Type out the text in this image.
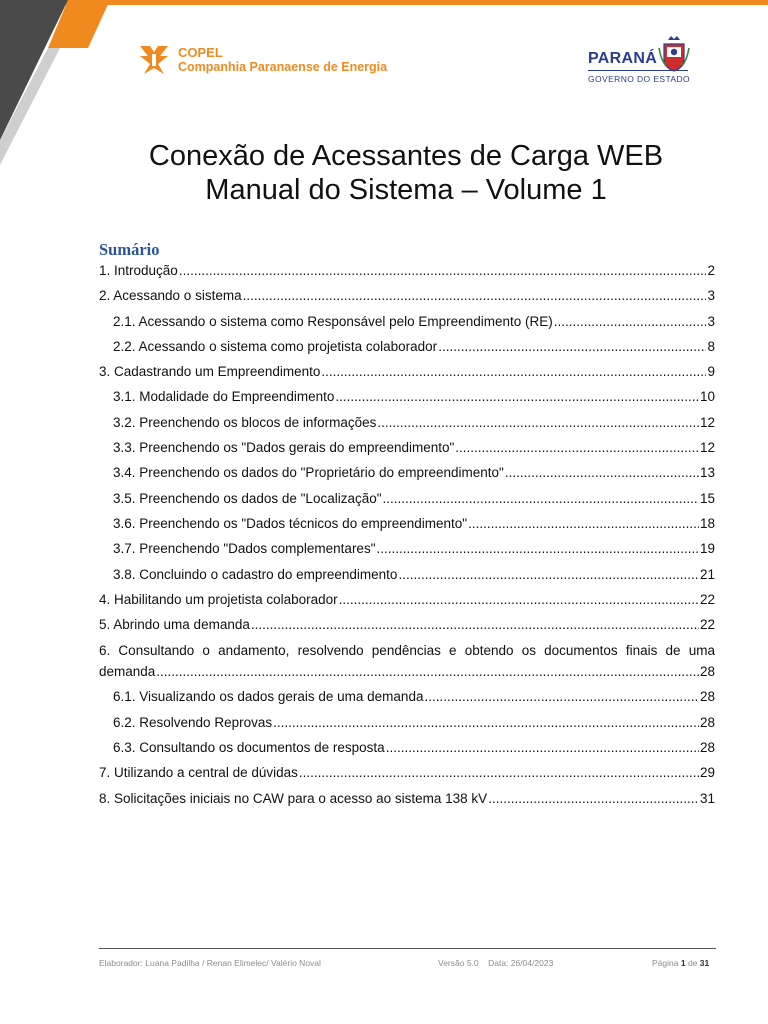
COPEL
Companhia Paranaense de Energia	PARANÁ
GOVERNO DO ESTADO
Conexão de Acessantes de Carga WEB
Manual do Sistema – Volume 1
Sumário
1. Introdução .....	2
2. Acessando o sistema .....	3
2.1. Acessando o sistema como Responsável pelo Empreendimento (RE) .....	3
2.2. Acessando o sistema como projetista colaborador .....	8
3. Cadastrando um Empreendimento .....	9
3.1. Modalidade do Empreendimento .....	10
3.2. Preenchendo os blocos de informações .....	12
3.3. Preenchendo os "Dados gerais do empreendimento" .....	12
3.4. Preenchendo os dados do "Proprietário do empreendimento" .....	13
3.5. Preenchendo os dados de "Localização" .....	15
3.6. Preenchendo os "Dados técnicos do empreendimento" .....	18
3.7. Preenchendo "Dados complementares" .....	19
3.8. Concluindo o cadastro do empreendimento .....	21
4. Habilitando um projetista colaborador .....	22
5. Abrindo uma demanda .....	22
6. Consultando o andamento, resolvendo pendências e obtendo os documentos finais de uma
demanda .....	28
6.1. Visualizando os dados gerais de uma demanda .....	28
6.2. Resolvendo Reprovas .....	28
6.3. Consultando os documentos de resposta .....	28
7. Utilizando a central de dúvidas .....	29
8. Solicitações iniciais no CAW para o acesso ao sistema 138 kV .....	31
Elaborador: Luana Padilha / Renan Elimelec/ Valério Noval	Versão 5.0 Data: 26/04/2023	Página 1 de 31
